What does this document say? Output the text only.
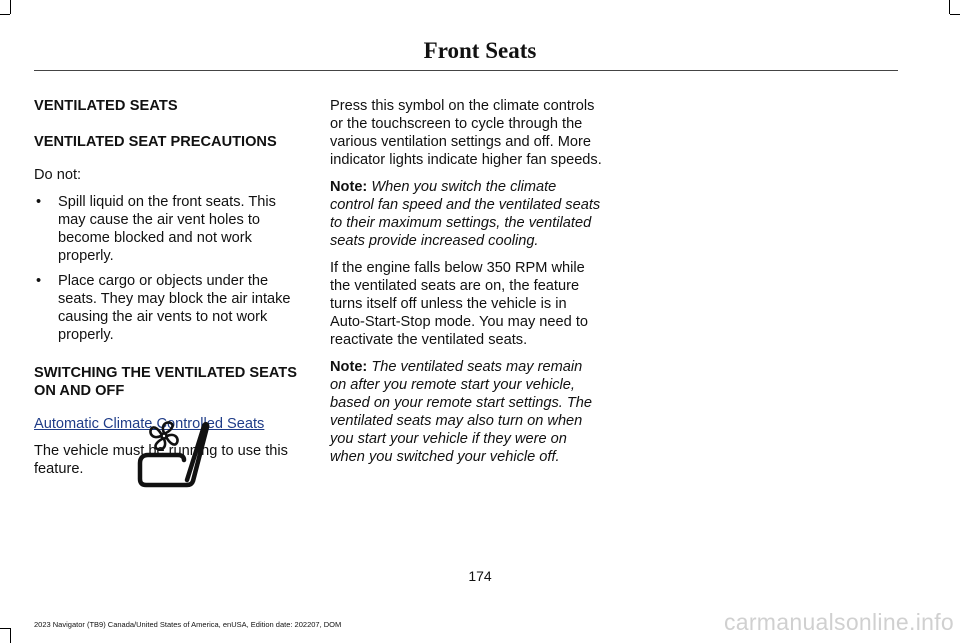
Front Seats
VENTILATED SEATS
VENTILATED SEAT PRECAUTIONS

Do not:

• Spill liquid on the front seats. This may cause the air vent holes to become blocked and not work properly.
• Place cargo or objects under the seats. They may block the air intake causing the air vents to not work properly.
SWITCHING THE VENTILATED SEATS ON AND OFF
Automatic Climate Controlled Seats

The vehicle must be running to use this feature.

Press this symbol on the climate controls or the touchscreen to cycle through the various ventilation settings and off. More indicator lights indicate higher fan speeds.

Note: When you switch the climate control fan speed and the ventilated seats to their maximum settings, the ventilated seats provide increased cooling.

If the engine falls below 350 RPM while the ventilated seats are on, the feature turns itself off unless the vehicle is in Auto-Start-Stop mode. You may need to reactivate the ventilated seats.

Note: The ventilated seats may remain on after you remote start your vehicle, based on your remote start settings. The ventilated seats may also turn on when you start your vehicle if they were on when you switched your vehicle off.

174
2023 Navigator (TB9) Canada/United States of America, enUSA, Edition date: 202207, DOM	carmanualsonline.info
